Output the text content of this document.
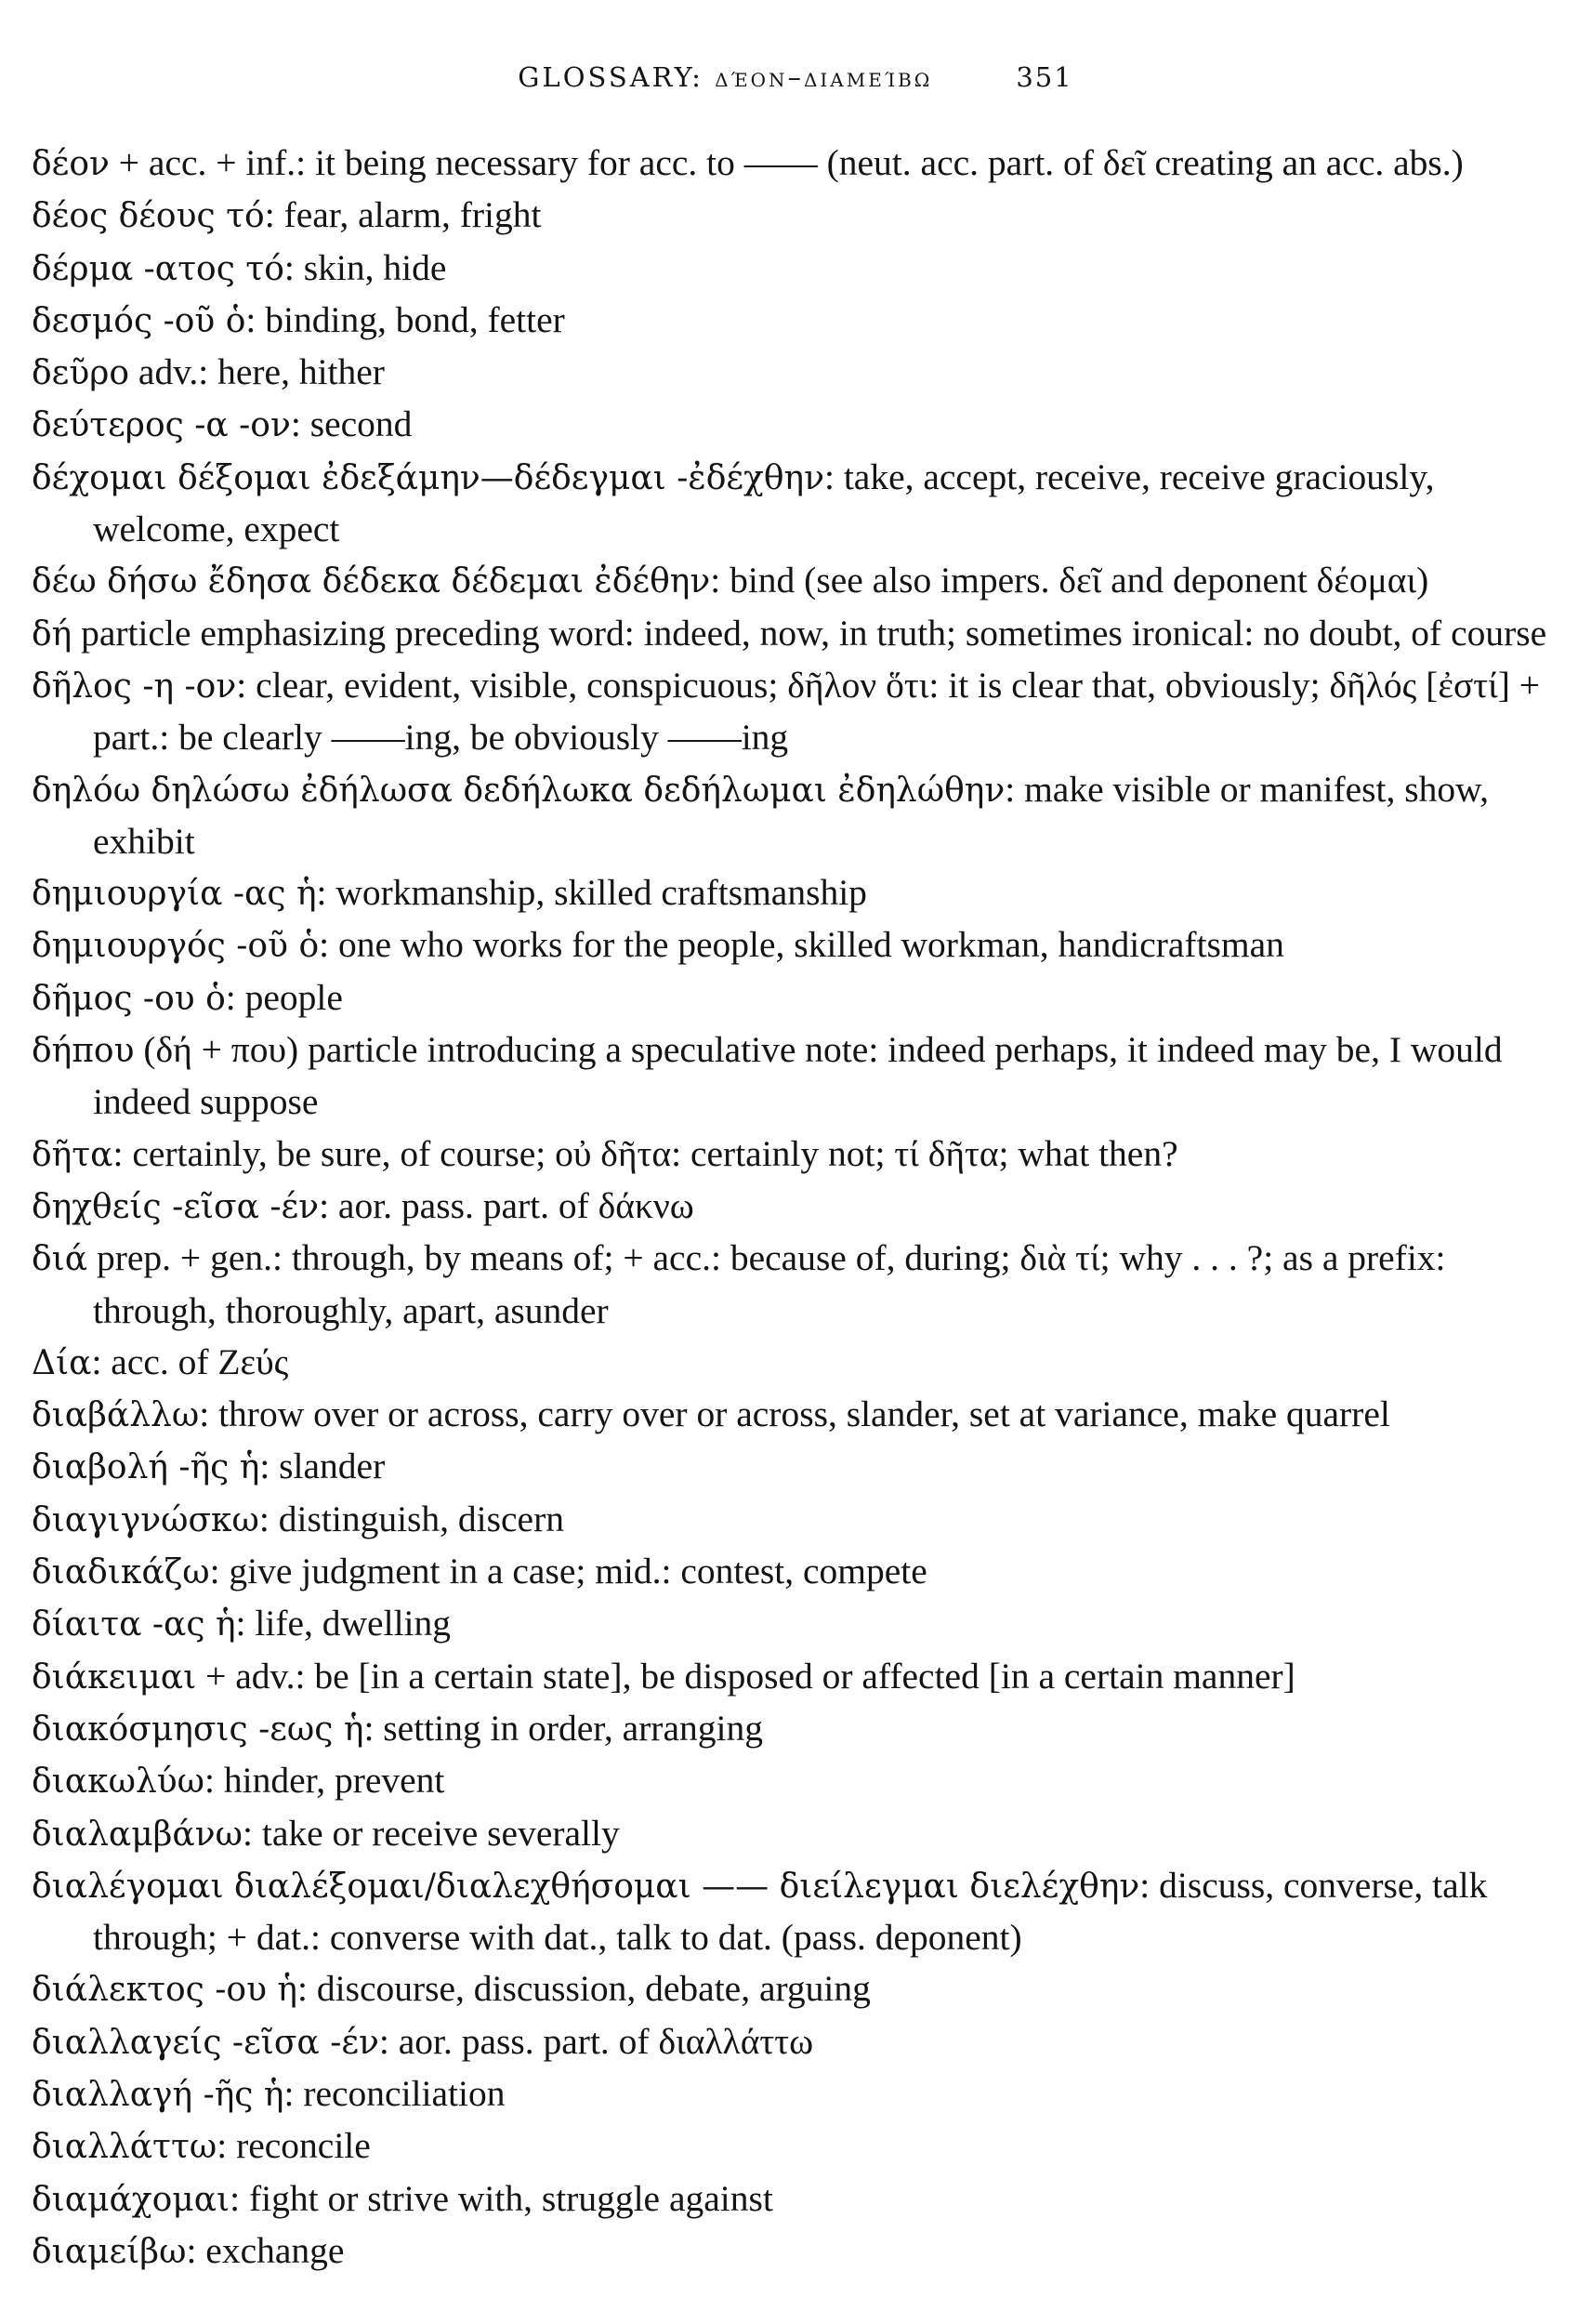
GLOSSARY: δέον–διαμείβω	351

δέον + acc. + inf.: it being necessary for acc. to —— (neut. acc. part. of δεῖ creating an acc. abs.)

δέος δέους τό: fear, alarm, fright

δέρμα -ατος τό: skin, hide

δεσμός -οῦ ὁ: binding, bond, fetter

δεῦρο adv.: here, hither

δεύτερος -α -ον: second

δέχομαι δέξομαι ἐδεξάμην—δέδεγμαι -ἐδέχθην: take, accept, receive, receive graciously, welcome, expect

δέω δήσω ἔδησα δέδεκα δέδεμαι ἐδέθην: bind (see also impers. δεῖ and deponent δέομαι)

δή particle emphasizing preceding word: indeed, now, in truth; sometimes ironical: no doubt, of course

δῆλος -η -ον: clear, evident, visible, conspicuous; δῆλον ὅτι: it is clear that, obviously; δῆλός [ἐστί] + part.: be clearly ——ing, be obviously ——ing

δηλόω δηλώσω ἐδήλωσα δεδήλωκα δεδήλωμαι ἐδηλώθην: make visible or manifest, show, exhibit

δημιουργία -ας ἡ: workmanship, skilled craftsmanship

δημιουργός -οῦ ὁ: one who works for the people, skilled workman, handicraftsman

δῆμος -ου ὁ: people

δήπου (δή + που) particle introducing a speculative note: indeed perhaps, it indeed may be, I would indeed suppose

δῆτα: certainly, be sure, of course; οὐ δῆτα: certainly not; τί δῆτα; what then?

δηχθείς -εῖσα -έν: aor. pass. part. of δάκνω

διά prep. + gen.: through, by means of; + acc.: because of, during; διὰ τί; why . . . ?; as a prefix: through, thoroughly, apart, asunder

Δία: acc. of Ζεύς

διαβάλλω: throw over or across, carry over or across, slander, set at variance, make quarrel

διαβολή -ῆς ἡ: slander

διαγιγνώσκω: distinguish, discern

διαδικάζω: give judgment in a case; mid.: contest, compete

δίαιτα -ας ἡ: life, dwelling

διάκειμαι + adv.: be [in a certain state], be disposed or affected [in a certain manner]

διακόσμησις -εως ἡ: setting in order, arranging

διακωλύω: hinder, prevent

διαλαμβάνω: take or receive severally

διαλέγομαι διαλέξομαι/διαλεχθήσομαι —— διείλεγμαι διελέχθην: discuss, converse, talk through; + dat.: converse with dat., talk to dat. (pass. deponent)

διάλεκτος -ου ἡ: discourse, discussion, debate, arguing

διαλλαγείς -εῖσα -έν: aor. pass. part. of διαλλάττω

διαλλαγή -ῆς ἡ: reconciliation

διαλλάττω: reconcile

διαμάχομαι: fight or strive with, struggle against

διαμείβω: exchange
